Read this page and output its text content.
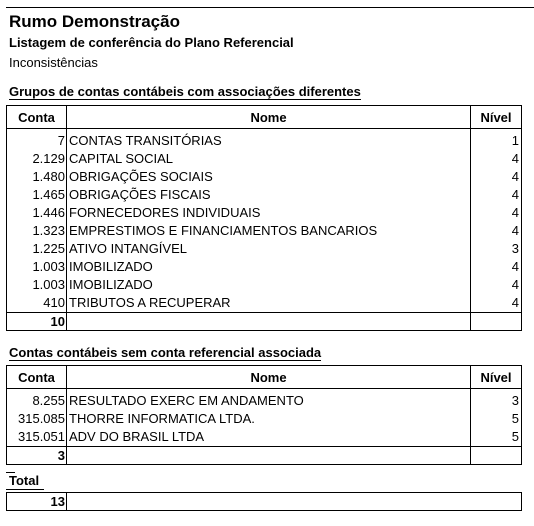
Rumo Demonstração
Listagem de conferência do Plano Referencial
Inconsistências
Grupos de contas contábeis com associações diferentes
Conta	Nome	Nível

7	CONTAS TRANSITÓRIAS	1
2.129	CAPITAL SOCIAL	4
1.480	OBRIGAÇÕES SOCIAIS	4
1.465	OBRIGAÇÕES FISCAIS	4
1.446	FORNECEDORES INDIVIDUAIS	4
1.323	EMPRESTIMOS E FINANCIAMENTOS BANCARIOS	4
1.225	ATIVO INTANGÍVEL	3
1.003	IMOBILIZADO	4
1.003	IMOBILIZADO	4
410	TRIBUTOS A RECUPERAR	4
10		
Contas contábeis sem conta referencial associada
Conta	Nome	Nível

8.255	RESULTADO EXERC EM ANDAMENTO	3
315.085	THORRE INFORMATICA LTDA.	5
315.051	ADV DO BRASIL LTDA	5
3		
Total
13	
